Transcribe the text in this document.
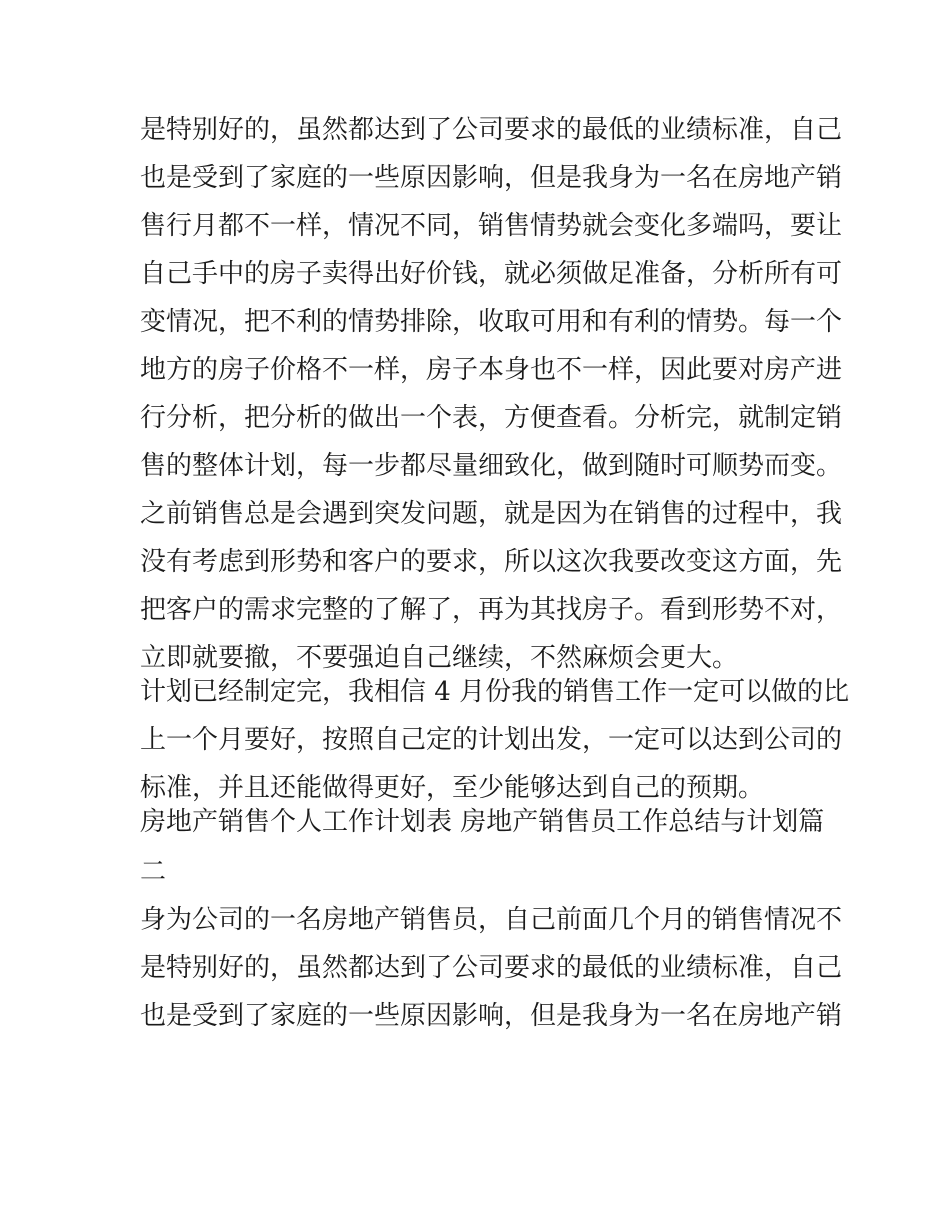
是特别好的，虽然都达到了公司要求的最低的业绩标准，自己
也是受到了家庭的一些原因影响，但是我身为一名在房地产销
售行月都不一样，情况不同，销售情势就会变化多端吗，要让
自己手中的房子卖得出好价钱，就必须做足准备，分析所有可
变情况，把不利的情势排除，收取可用和有利的情势。每一个
地方的房子价格不一样，房子本身也不一样，因此要对房产进
行分析，把分析的做出一个表，方便查看。分析完，就制定销
售的整体计划，每一步都尽量细致化，做到随时可顺势而变。
之前销售总是会遇到突发问题，就是因为在销售的过程中，我
没有考虑到形势和客户的要求，所以这次我要改变这方面，先
把客户的需求完整的了解了，再为其找房子。看到形势不对，
立即就要撤，不要强迫自己继续，不然麻烦会更大。
计划已经制定完，我相信 4 月份我的销售工作一定可以做的比
上一个月要好，按照自己定的计划出发，一定可以达到公司的
标准，并且还能做得更好，至少能够达到自己的预期。
房地产销售个人工作计划表 房地产销售员工作总结与计划篇
二
身为公司的一名房地产销售员，自己前面几个月的销售情况不
是特别好的，虽然都达到了公司要求的最低的业绩标准，自己
也是受到了家庭的一些原因影响，但是我身为一名在房地产销
